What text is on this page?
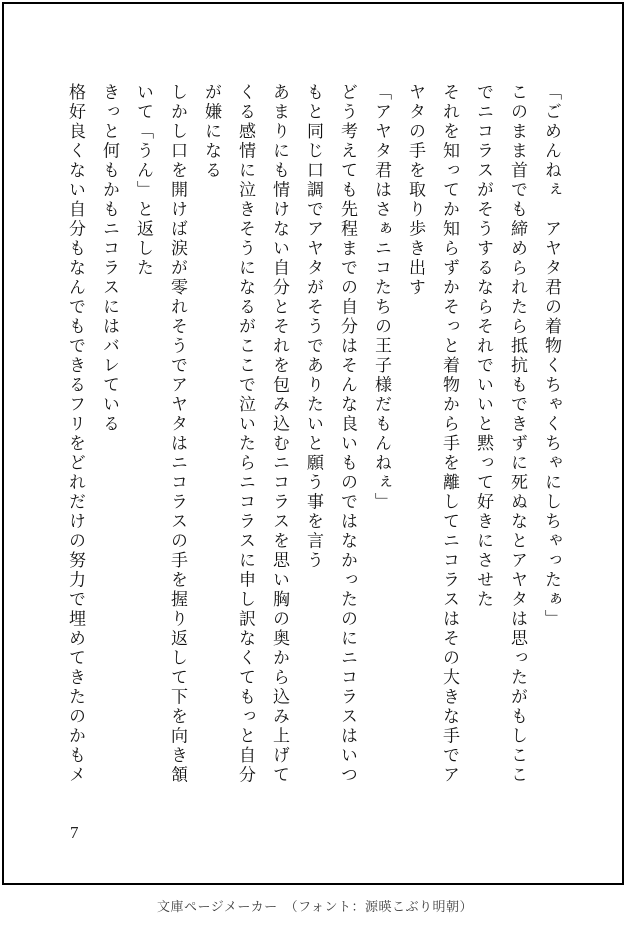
「ごめんねぇ　アヤタ君の着物くちゃくちゃにしちゃったぁ」
このまま首でも締められたら抵抗もできずに死ぬなとアヤタは思ったがもしここ
でニコラスがそうするならそれでいいと黙って好きにさせた
それを知ってか知らずかそっと着物から手を離してニコラスはその大きな手でア
ヤタの手を取り歩き出す
「アヤタ君はさぁニコたちの王子様だもんねぇ」
どう考えても先程までの自分はそんな良いものではなかったのにニコラスはいつ
もと同じ口調でアヤタがそうでありたいと願う事を言う
あまりにも情けない自分とそれを包み込むニコラスを思い胸の奥から込み上げて
くる感情に泣きそうになるがここで泣いたらニコラスに申し訳なくてもっと自分
が嫌になる
しかし口を開けば涙が零れそうでアヤタはニコラスの手を握り返して下を向き頷
いて「うん」と返した
きっと何もかもニコラスにはバレている
格好良くない自分もなんでもできるフリをどれだけの努力で埋めてきたのかもメ
7
文庫ページメーカー　（フォント：源暎こぶり明朝）
